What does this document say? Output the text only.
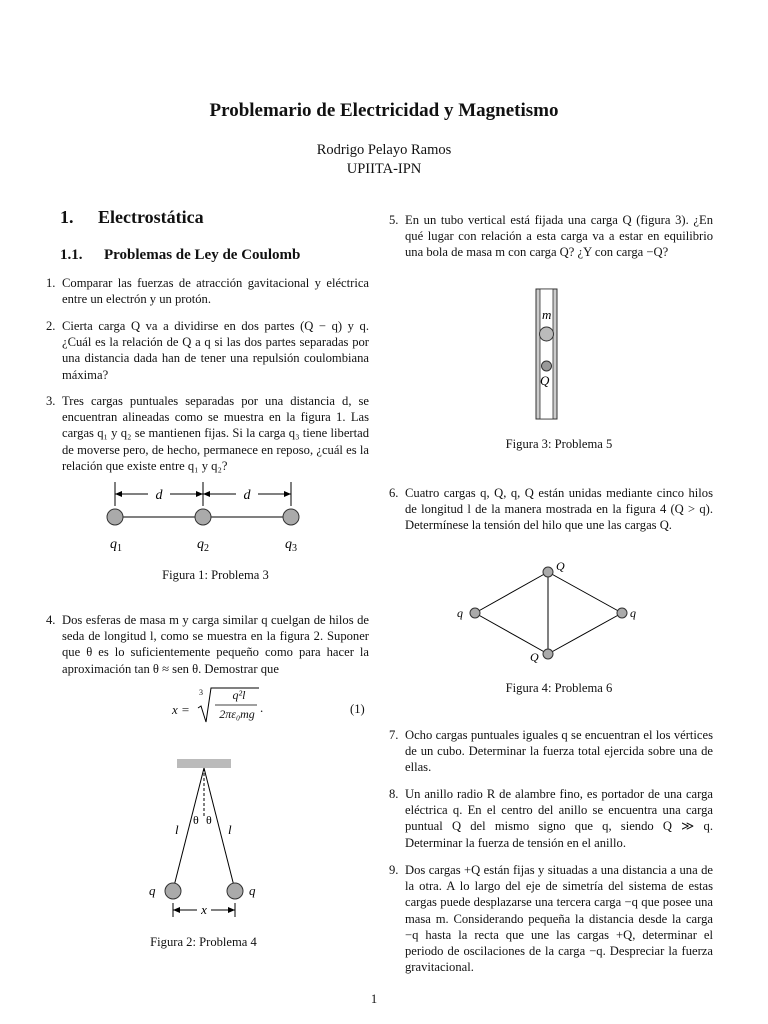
Problemario de Electricidad y Magnetismo
Rodrigo Pelayo Ramos
UPIITA-IPN
1. Electrostática
1.1. Problemas de Ley de Coulomb
1. Comparar las fuerzas de atracción gavitacional y eléctrica entre un electrón y un protón.
2. Cierta carga Q va a dividirse en dos partes (Q − q) y q. ¿Cuál es la relación de Q a q si las dos partes separadas por una distancia dada han de tener una repulsión coulombiana máxima?
3. Tres cargas puntuales separadas por una distancia d, se encuentran alineadas como se muestra en la figura 1. Las cargas q₁ y q₂ se mantienen fijas. Si la carga q₃ tiene libertad de moverse pero, de hecho, permanece en reposo, ¿cuál es la relación que existe entre q₁ y q₂?
d	d
$q_1$	$q_2$	$q_3$
Figura 1: Problema 3
4. Dos esferas de masa m y carga similar q cuelgan de hilos de seda de longitud l, como se muestra en la figura 2. Suponer que θ es lo suficientemente pequeño como para hacer la aproximación tan θ ≈ sen θ. Demostrar que
x =
3	q²l
2πε₀mg .	(1)
θ θ
l	l
q	q
x
Figura 2: Problema 4
5. En un tubo vertical está fijada una carga Q (figura 3). ¿En qué lugar con relación a esta carga va a estar en equilibrio una bola de masa m con carga Q? ¿Y con carga −Q?
m
Q
Figura 3: Problema 5
6. Cuatro cargas q, Q, q, Q están unidas mediante cinco hilos de longitud l de la manera mostrada en la figura 4 (Q > q). Determínese la tensión del hilo que une las cargas Q.
Q
Q
q	q
Figura 4: Problema 6
7. Ocho cargas puntuales iguales q se encuentran el los vértices de un cubo. Determinar la fuerza total ejercida sobre una de ellas.
8. Un anillo radio R de alambre fino, es portador de una carga eléctrica q. En el centro del anillo se encuentra una carga puntual Q del mismo signo que q, siendo Q ≫ q. Determinar la fuerza de tensión en el anillo.
9. Dos cargas +Q están fijas y situadas a una distancia a una de la otra. A lo largo del eje de simetría del sistema de estas cargas puede desplazarse una tercera carga −q que posee una masa m. Considerando pequeña la distancia desde la carga −q hasta la recta que une las cargas +Q, determinar el periodo de oscilaciones de la carga −q. Despreciar la fuerza gravitacional.
1
